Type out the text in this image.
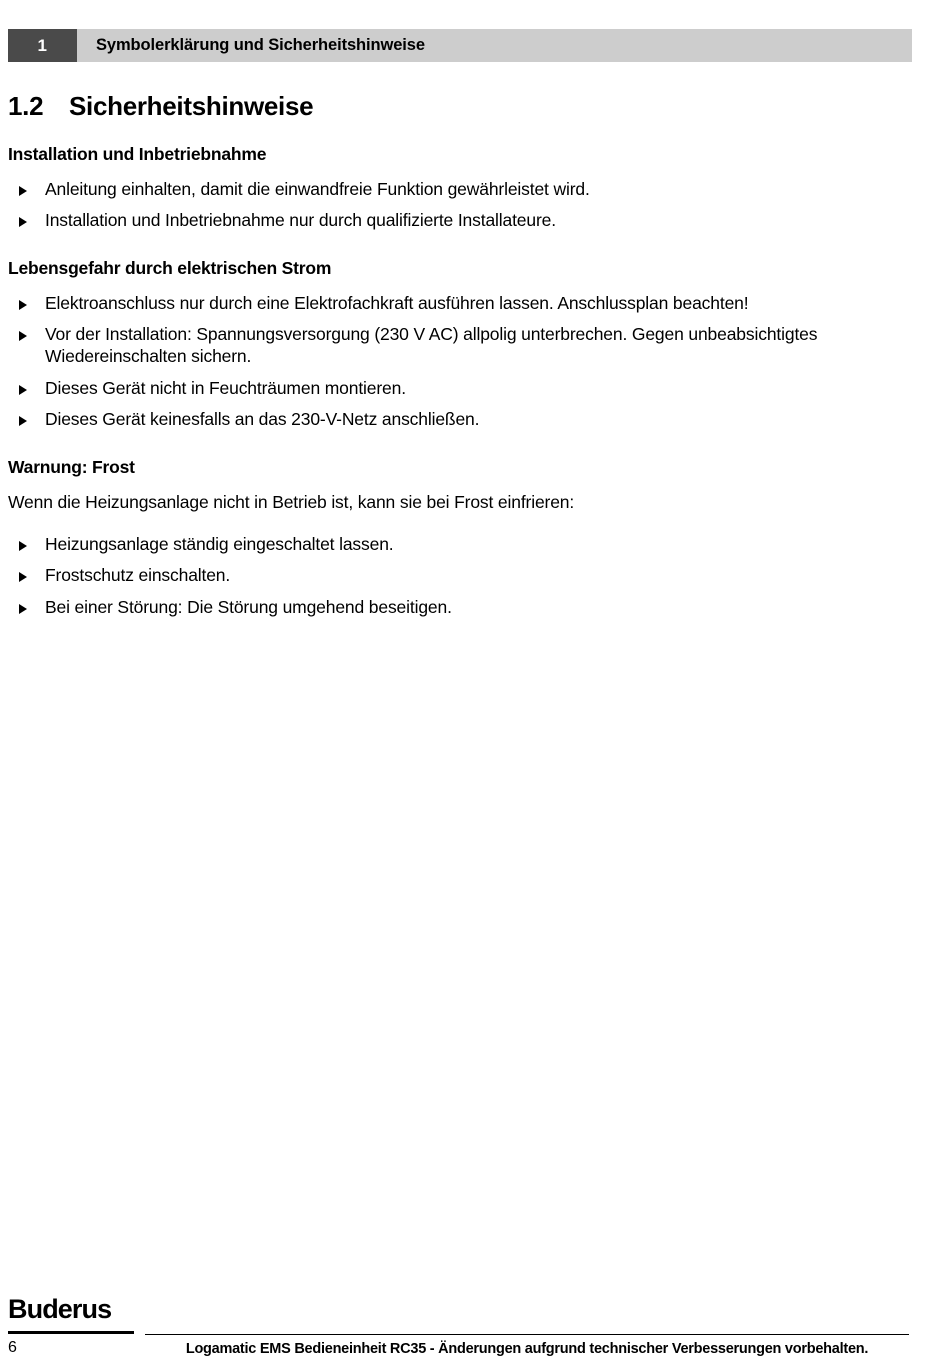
1	Symbolerklärung und Sicherheitshinweise
1.2 Sicherheitshinweise
Installation und Inbetriebnahme
Anleitung einhalten, damit die einwandfreie Funktion gewährleistet wird.
Installation und Inbetriebnahme nur durch qualifizierte Installateure.
Lebensgefahr durch elektrischen Strom
Elektroanschluss nur durch eine Elektrofachkraft ausführen lassen. Anschlussplan beachten!
Vor der Installation: Spannungsversorgung (230 V AC) allpolig unterbrechen. Gegen unbeabsichtigtes Wiedereinschalten sichern.
Dieses Gerät nicht in Feuchträumen montieren.
Dieses Gerät keinesfalls an das 230-V-Netz anschließen.
Warnung: Frost

Wenn die Heizungsanlage nicht in Betrieb ist, kann sie bei Frost einfrieren:

Heizungsanlage ständig eingeschaltet lassen.
Frostschutz einschalten.
Bei einer Störung: Die Störung umgehend beseitigen.
Buderus
6	Logamatic EMS Bedieneinheit RC35 - Änderungen aufgrund technischer Verbesserungen vorbehalten.
